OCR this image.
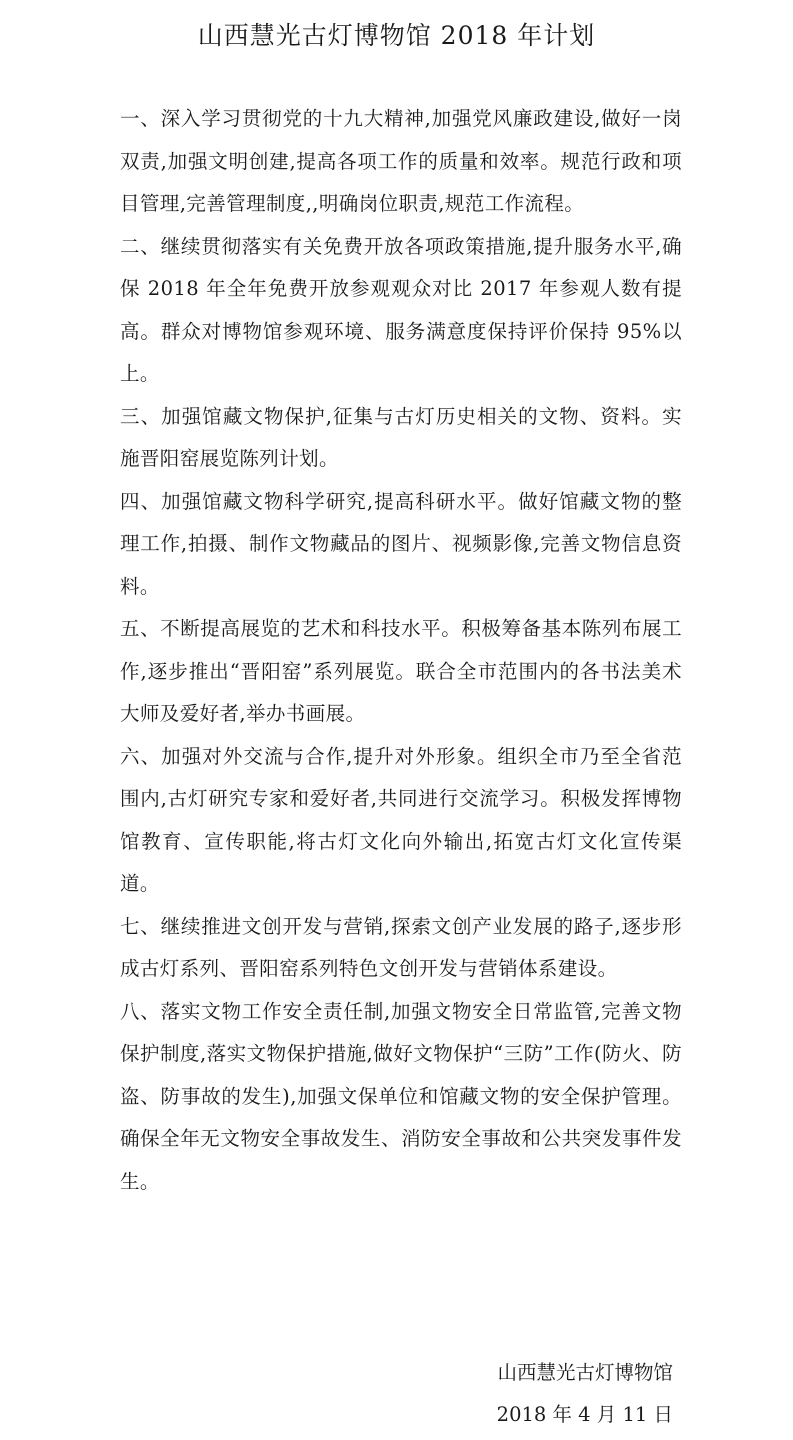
山西慧光古灯博物馆 2018 年计划

一、深入学习贯彻党的十九大精神,加强党风廉政建设,做好一岗双责,加强文明创建,提高各项工作的质量和效率。规范行政和项目管理,完善管理制度,,明确岗位职责,规范工作流程。

二、继续贯彻落实有关免费开放各项政策措施,提升服务水平,确保 2018 年全年免费开放参观观众对比 2017 年参观人数有提高。群众对博物馆参观环境、服务满意度保持评价保持 95%以上。

三、加强馆藏文物保护,征集与古灯历史相关的文物、资料。实施晋阳窑展览陈列计划。

四、加强馆藏文物科学研究,提高科研水平。做好馆藏文物的整理工作,拍摄、制作文物藏品的图片、视频影像,完善文物信息资料。

五、不断提高展览的艺术和科技水平。积极筹备基本陈列布展工作,逐步推出“晋阳窑”系列展览。联合全市范围内的各书法美术大师及爱好者,举办书画展。

六、加强对外交流与合作,提升对外形象。组织全市乃至全省范围内,古灯研究专家和爱好者,共同进行交流学习。积极发挥博物馆教育、宣传职能,将古灯文化向外输出,拓宽古灯文化宣传渠道。

七、继续推进文创开发与营销,探索文创产业发展的路子,逐步形成古灯系列、晋阳窑系列特色文创开发与营销体系建设。

八、落实文物工作安全责任制,加强文物安全日常监管,完善文物保护制度,落实文物保护措施,做好文物保护“三防”工作(防火、防盗、防事故的发生),加强文保单位和馆藏文物的安全保护管理。确保全年无文物安全事故发生、消防安全事故和公共突发事件发生。

山西慧光古灯博物馆
2018 年 4 月 11 日
